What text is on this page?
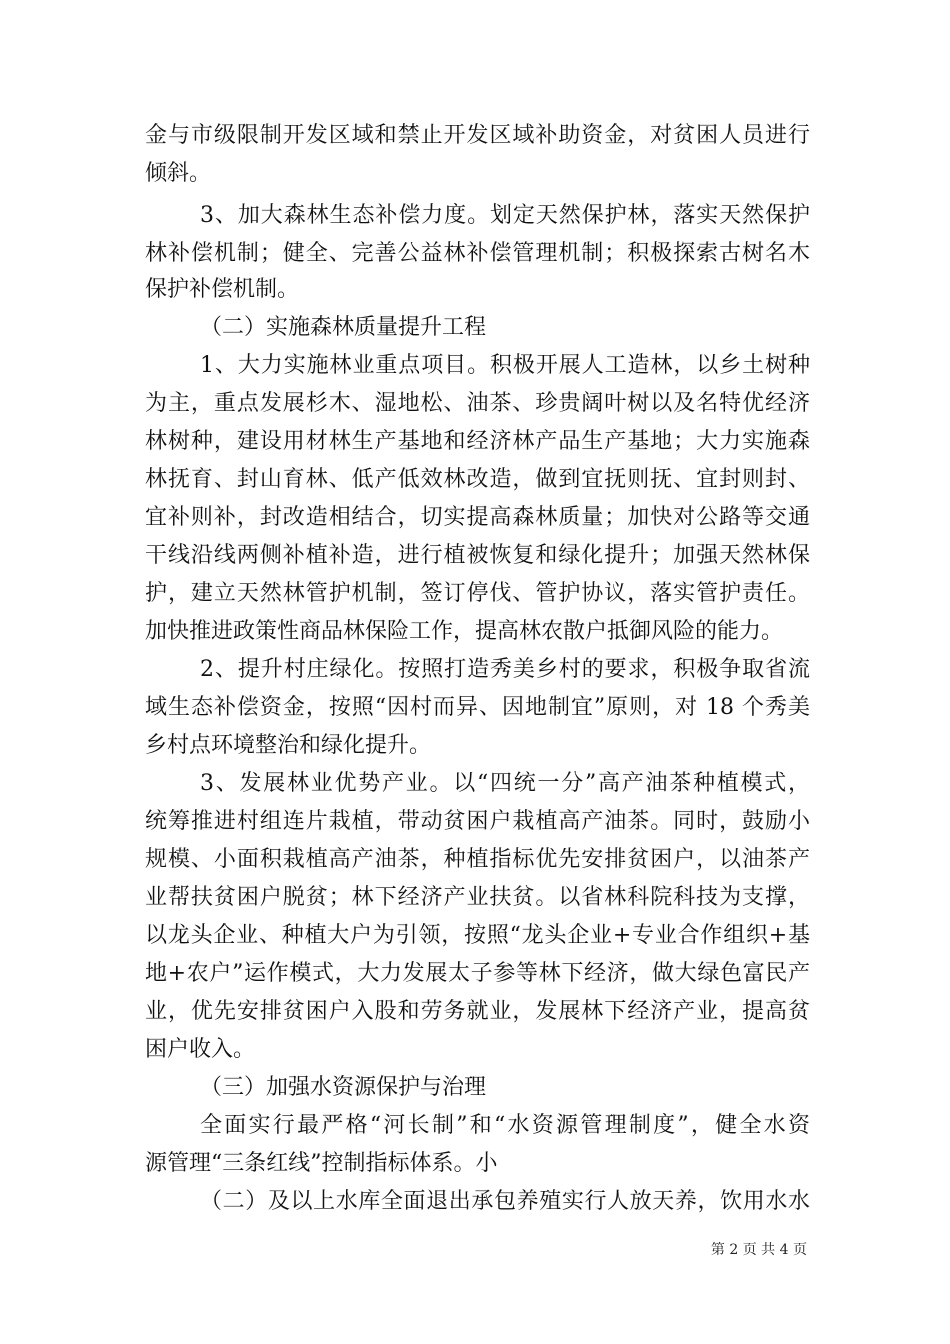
金与市级限制开发区域和禁止开发区域补助资金，对贫困人员进行
倾斜。
3、加大森林生态补偿力度。划定天然保护林，落实天然保护
林补偿机制；健全、完善公益林补偿管理机制；积极探索古树名木
保护补偿机制。
（二）实施森林质量提升工程
1、大力实施林业重点项目。积极开展人工造林，以乡土树种
为主，重点发展杉木、湿地松、油茶、珍贵阔叶树以及名特优经济
林树种，建设用材林生产基地和经济林产品生产基地；大力实施森
林抚育、封山育林、低产低效林改造，做到宜抚则抚、宜封则封、
宜补则补，封改造相结合，切实提高森林质量；加快对公路等交通
干线沿线两侧补植补造，进行植被恢复和绿化提升；加强天然林保
护，建立天然林管护机制，签订停伐、管护协议，落实管护责任。
加快推进政策性商品林保险工作，提高林农散户抵御风险的能力。
2、提升村庄绿化。按照打造秀美乡村的要求，积极争取省流
域生态补偿资金，按照“因村而异、因地制宜”原则，对 18 个秀美
乡村点环境整治和绿化提升。
3、发展林业优势产业。以“四统一分”高产油茶种植模式，
统筹推进村组连片栽植，带动贫困户栽植高产油茶。同时，鼓励小
规模、小面积栽植高产油茶，种植指标优先安排贫困户，以油茶产
业帮扶贫困户脱贫；林下经济产业扶贫。以省林科院科技为支撑，
以龙头企业、种植大户为引领，按照“龙头企业+专业合作组织+基
地+农户”运作模式，大力发展太子参等林下经济，做大绿色富民产
业，优先安排贫困户入股和劳务就业，发展林下经济产业，提高贫
困户收入。
（三）加强水资源保护与治理
全面实行最严格“河长制”和“水资源管理制度”，健全水资
源管理“三条红线”控制指标体系。小
（二）及以上水库全面退出承包养殖实行人放天养，饮用水水
第 2 页 共 4 页
